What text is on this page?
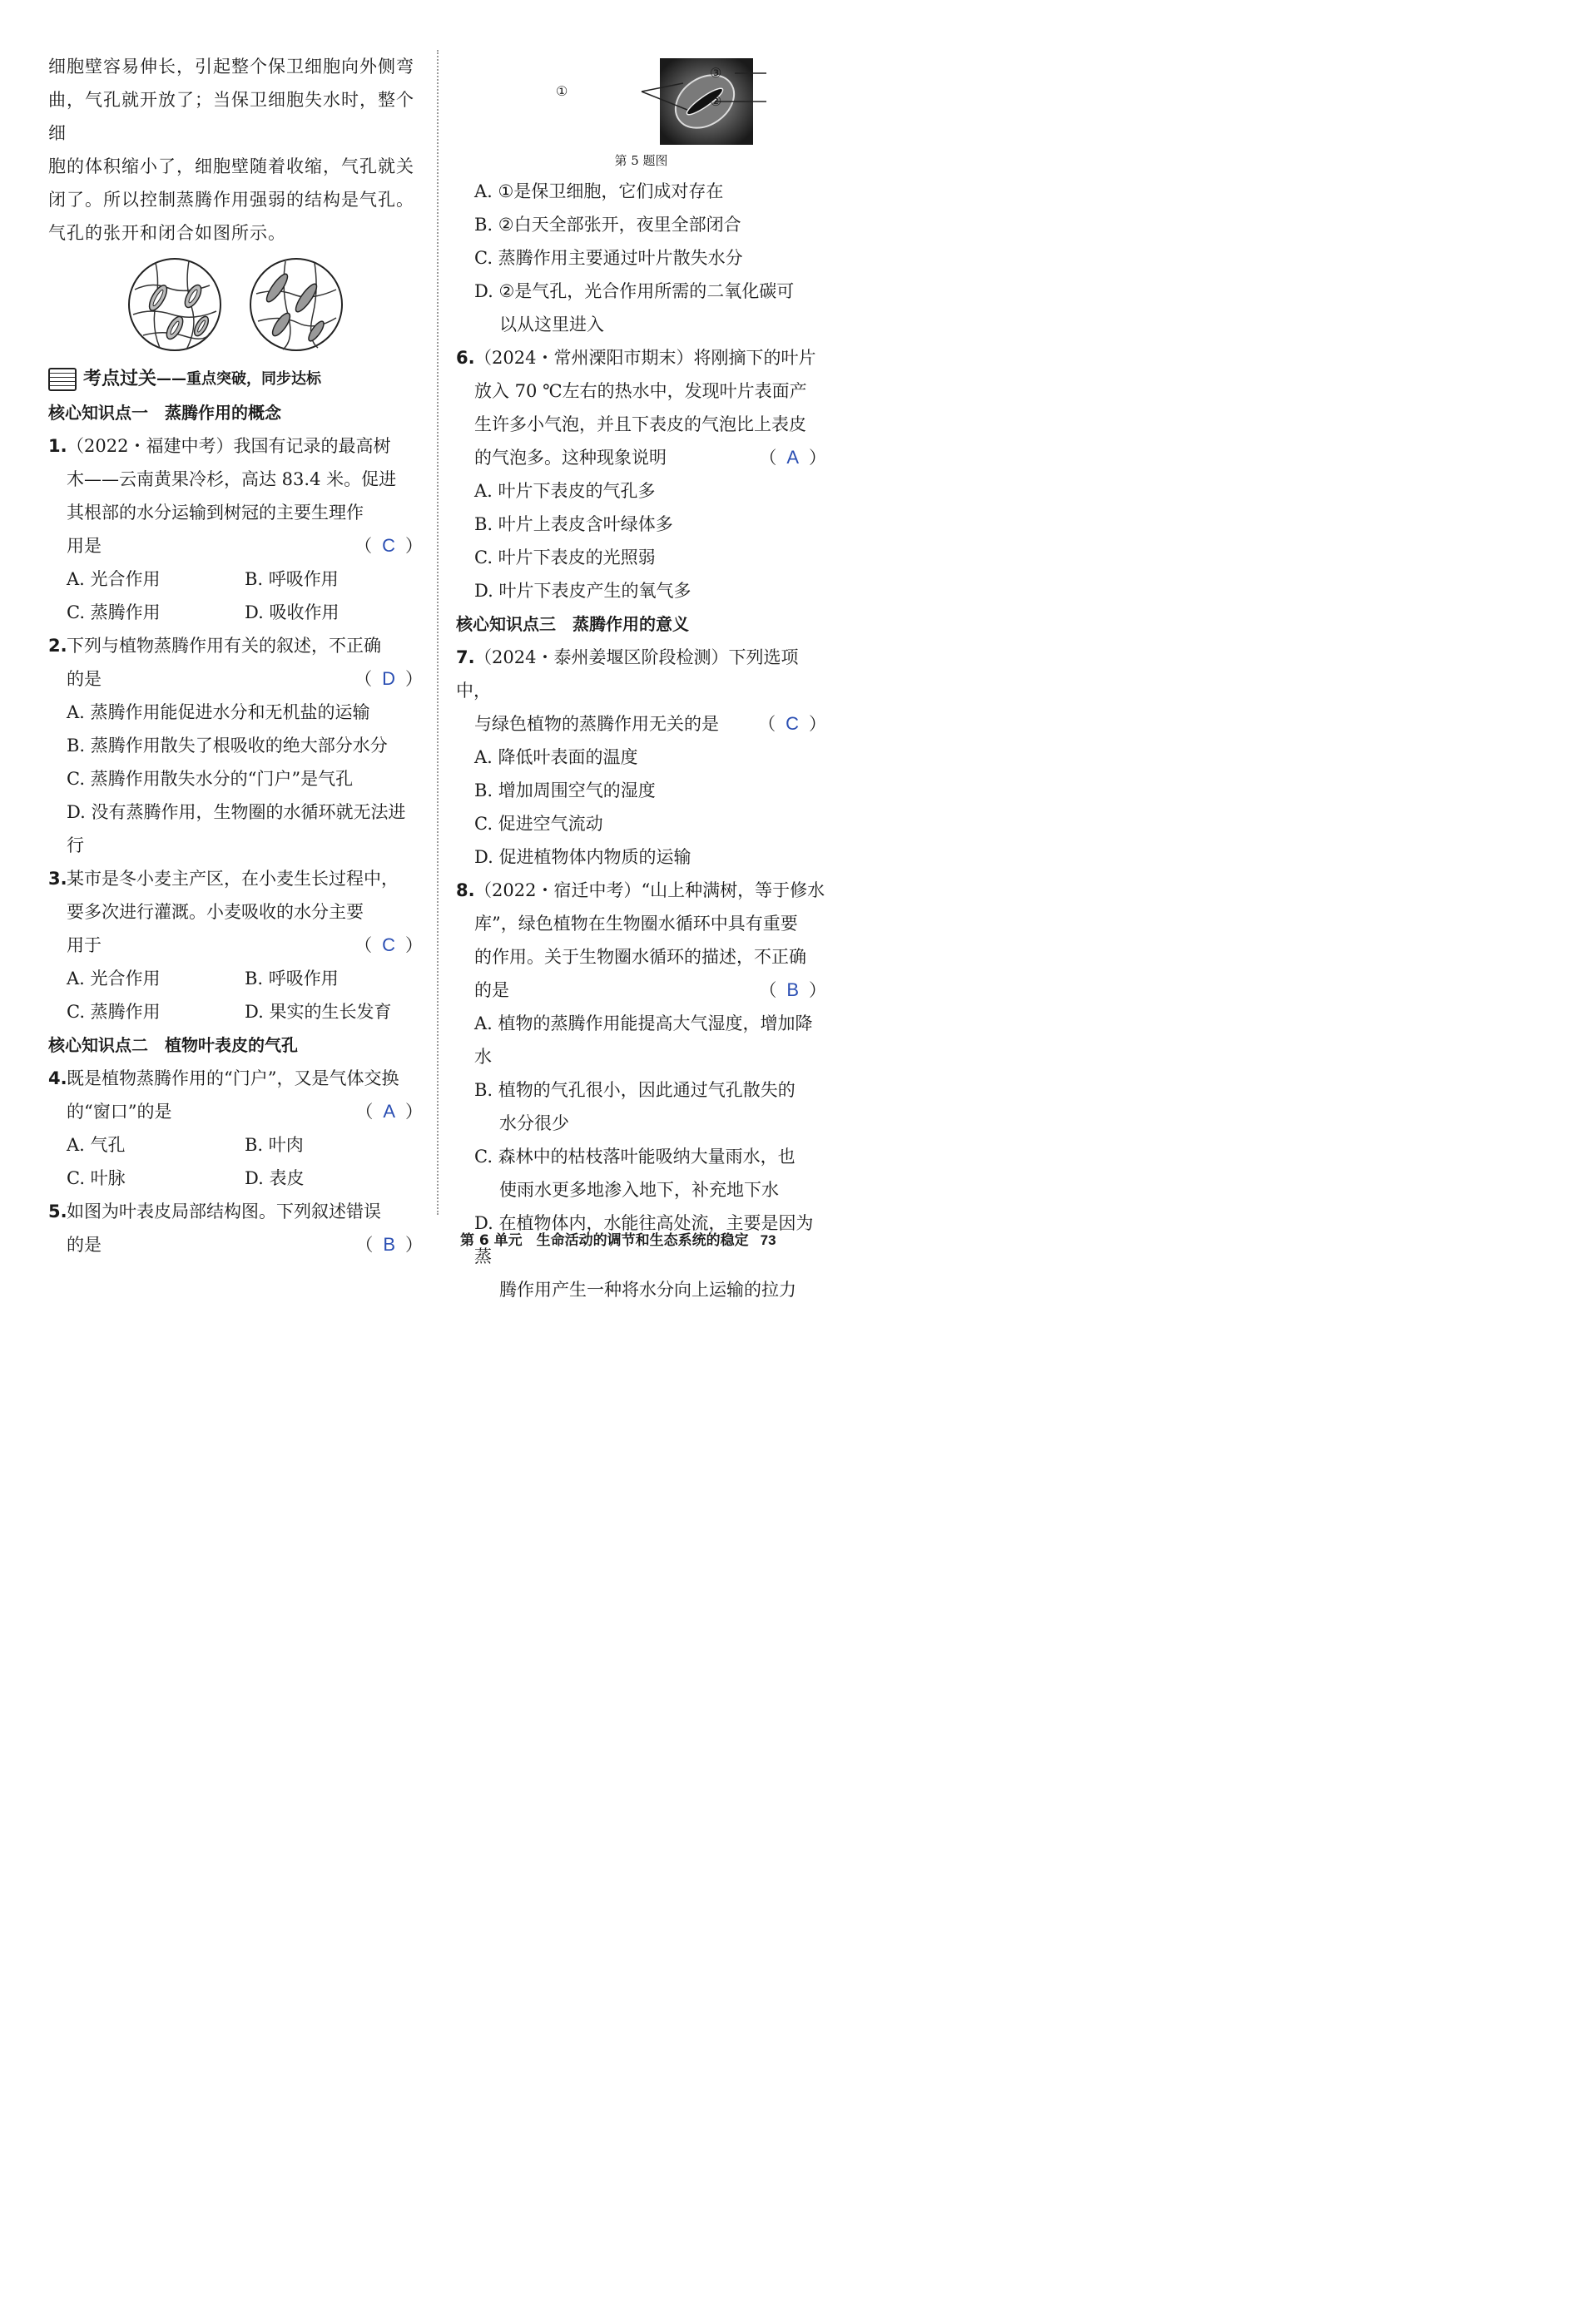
细胞壁容易伸长，引起整个保卫细胞向外侧弯
曲，气孔就开放了；当保卫细胞失水时，整个细
胞的体积缩小了，细胞壁随着收缩，气孔就关
闭了。所以控制蒸腾作用强弱的结构是气孔。
气孔的张开和闭合如图所示。
考点过关 ——重点突破，同步达标
核心知识点一　蒸腾作用的概念
1.（2022・福建中考）我国有记录的最高树
木——云南黄果冷杉，高达 83.4 米。促进
其根部的水分运输到树冠的主要生理作
用是	（ C ）
A. 光合作用	B. 呼吸作用
C. 蒸腾作用	D. 吸收作用
2.下列与植物蒸腾作用有关的叙述，不正确
的是	（ D ）
A. 蒸腾作用能促进水分和无机盐的运输
B. 蒸腾作用散失了根吸收的绝大部分水分
C. 蒸腾作用散失水分的“门户”是气孔
D. 没有蒸腾作用，生物圈的水循环就无法进行
3.某市是冬小麦主产区，在小麦生长过程中，
要多次进行灌溉。小麦吸收的水分主要
用于	（ C ）
A. 光合作用	B. 呼吸作用
C. 蒸腾作用	D. 果实的生长发育
核心知识点二　植物叶表皮的气孔
4.既是植物蒸腾作用的“门户”，又是气体交换
的“窗口”的是	（ A ）
A. 气孔	B. 叶肉
C. 叶脉	D. 表皮
5.如图为叶表皮局部结构图。下列叙述错误
的是	（ B ）
①
②
③
第 5 题图
A. ①是保卫细胞，它们成对存在
B. ②白天全部张开，夜里全部闭合
C. 蒸腾作用主要通过叶片散失水分
D. ②是气孔，光合作用所需的二氧化碳可
以从这里进入
6.（2024・常州溧阳市期末）将刚摘下的叶片
放入 70 ℃左右的热水中，发现叶片表面产
生许多小气泡，并且下表皮的气泡比上表皮
的气泡多。这种现象说明	（ A ）
A. 叶片下表皮的气孔多
B. 叶片上表皮含叶绿体多
C. 叶片下表皮的光照弱
D. 叶片下表皮产生的氧气多
核心知识点三　蒸腾作用的意义
7.（2024・泰州姜堰区阶段检测）下列选项中，
与绿色植物的蒸腾作用无关的是 （ C ）
A. 降低叶表面的温度
B. 增加周围空气的湿度
C. 促进空气流动
D. 促进植物体内物质的运输
8.（2022・宿迁中考）“山上种满树，等于修水
库”，绿色植物在生物圈水循环中具有重要
的作用。关于生物圈水循环的描述，不正确
的是	（ B ）
A. 植物的蒸腾作用能提高大气湿度，增加降水
B. 植物的气孔很小，因此通过气孔散失的
水分很少
C. 森林中的枯枝落叶能吸纳大量雨水，也
使雨水更多地渗入地下，补充地下水
D. 在植物体内，水能往高处流，主要是因为蒸
腾作用产生一种将水分向上运输的拉力
第 6 单元　生命活动的调节和生态系统的稳定 73
